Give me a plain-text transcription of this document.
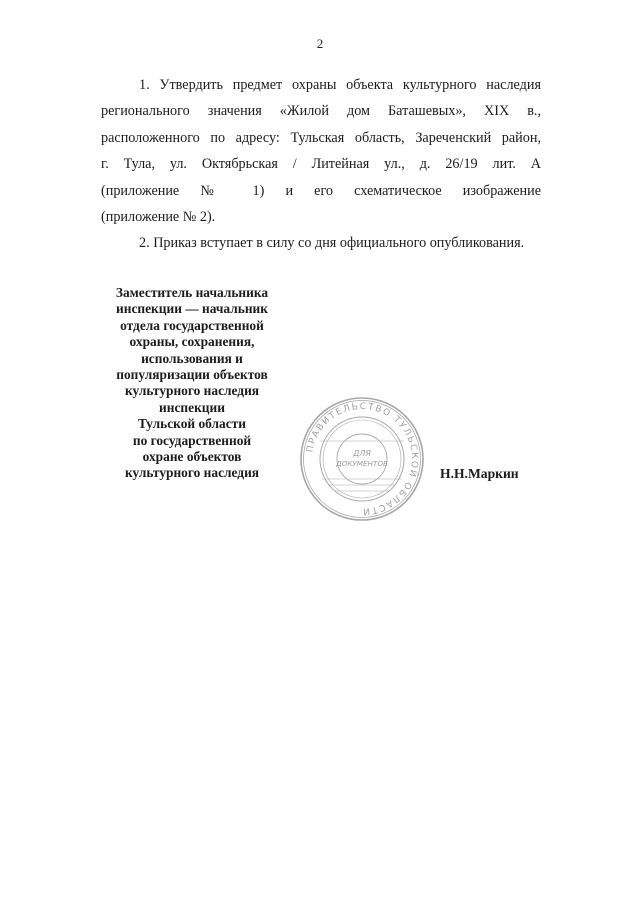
2
1. Утвердить предмет охраны объекта культурного наследия
регионального значения «Жилой дом Баташевых», XIX в.,
расположенного по адресу: Тульская область, Зареченский район,
г. Тула, ул. Октябрьская / Литейная ул., д. 26/19 лит. А
(приложение № 1) и его схематическое изображение
(приложение № 2).
2. Приказ вступает в силу со дня официального опубликования.
Заместитель начальника
инспекции — начальник
отдела государственной
охраны, сохранения,
использования и
популяризации объектов
культурного наследия
инспекции
Тульской области
по государственной
охране объектов
культурного наследия
ПРАВИТЕЛЬСТВО ТУЛЬСКОЙ ОБЛАСТИ
ДЛЯ
ДОКУМЕНТОВ
Н.Н.Маркин
